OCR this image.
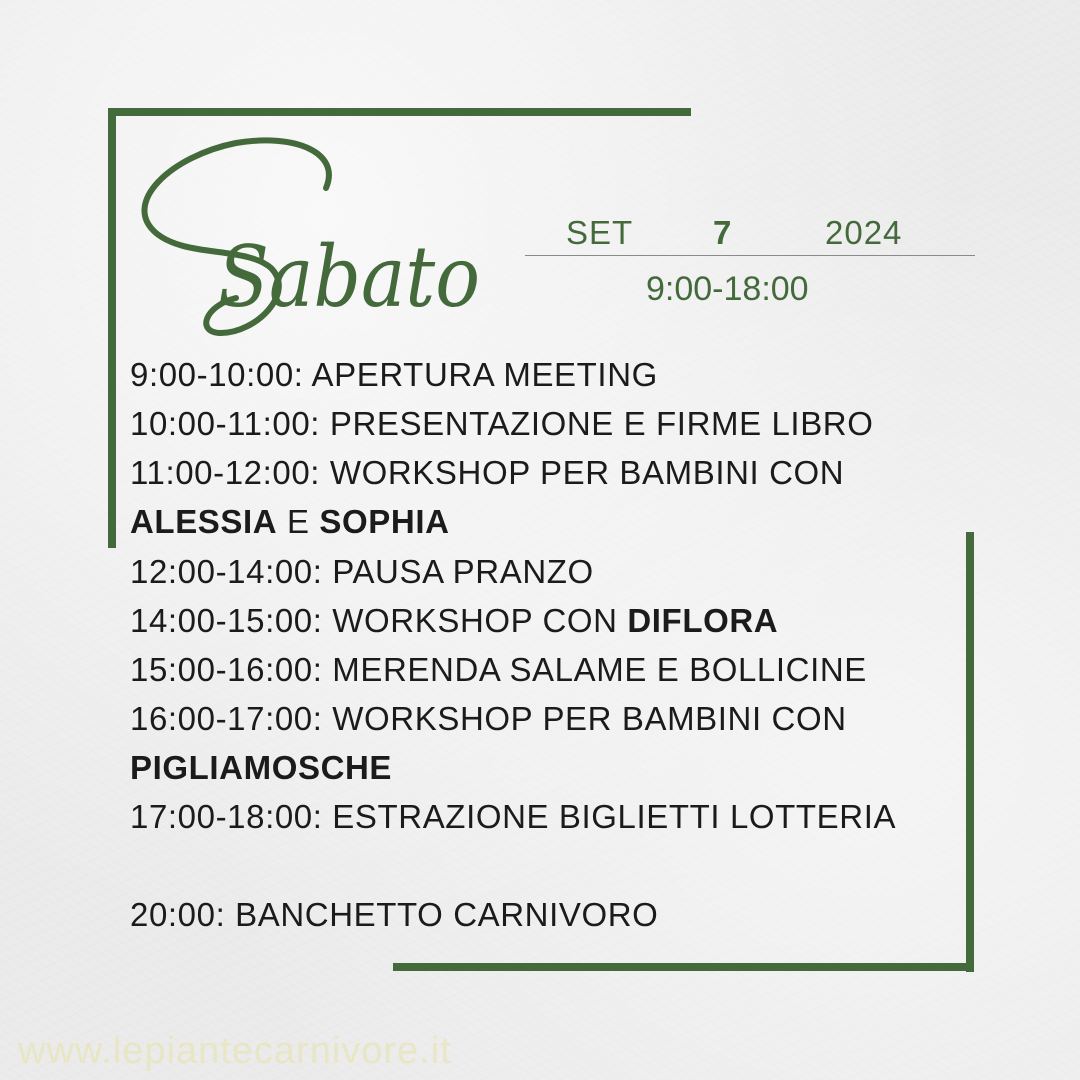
Sabato	SET 7	2024
9:00-18:00
9:00-10:00: APERTURA MEETING
10:00-11:00: PRESENTAZIONE E FIRME LIBRO
11:00-12:00: WORKSHOP PER BAMBINI CON
ALESSIA E SOPHIA
12:00-14:00: PAUSA PRANZO
14:00-15:00: WORKSHOP CON DIFLORA
15:00-16:00: MERENDA SALAME E BOLLICINE
16:00-17:00: WORKSHOP PER BAMBINI CON
PIGLIAMOSCHE
17:00-18:00: ESTRAZIONE BIGLIETTI LOTTERIA
20:00: BANCHETTO CARNIVORO
www.lepiantecarnivore.it
